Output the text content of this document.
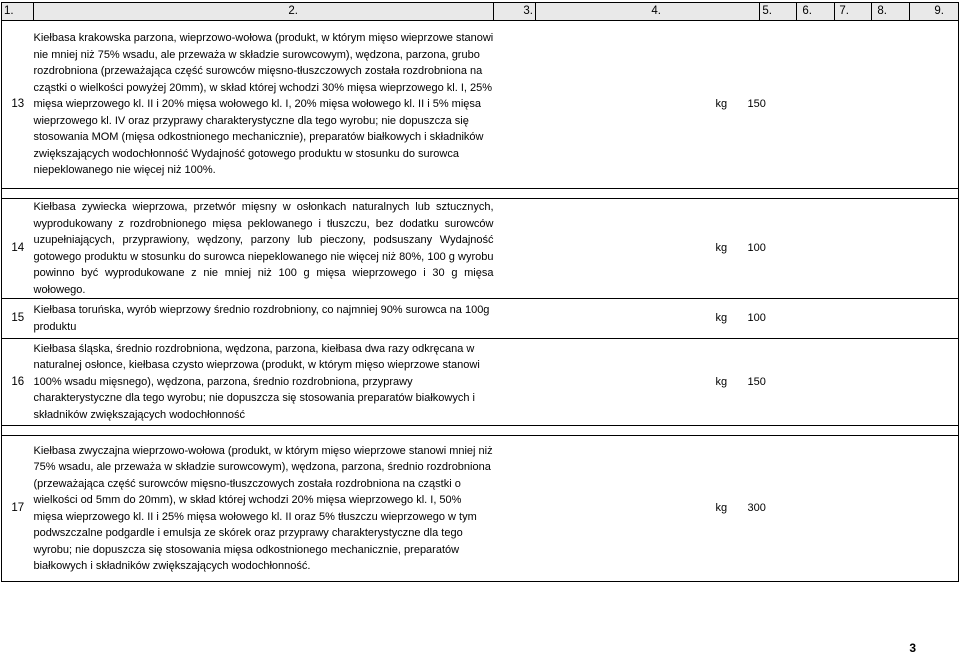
1.	2.	3.	4.	5.	6.	7.	8.	9.
13	Kiełbasa krakowska parzona, wieprzowo-wołowa (produkt, w którym mięso wieprzowe stanowi nie mniej niż 75% wsadu, ale przeważa w składzie surowcowym), wędzona, parzona, grubo rozdrobniona (przeważająca część surowców mięsno-tłuszczowych została rozdrobniona na cząstki o wielkości powyżej 20mm), w skład której wchodzi 30% mięsa wieprzowego kl. I, 25% mięsa wieprzowego kl. II i 20% mięsa wołowego kl. I, 20% mięsa wołowego kl. II i 5% mięsa wieprzowego kl. IV oraz przyprawy charakterystyczne dla tego wyrobu; nie dopuszcza się stosowania MOM (mięsa odkostnionego mechanicznie), preparatów białkowych i składników zwiększających wodochłonność Wydajność gotowego produktu w stosunku do surowca niepeklowanego nie więcej niż 100%.		kg	150				

14	Kiełbasa zywiecka wieprzowa, przetwór mięsny w osłonkach naturalnych lub sztucznych, wyprodukowany z rozdrobnionego mięsa peklowanego i tłuszczu, bez dodatku surowców uzupełniających, przyprawiony, wędzony, parzony lub pieczony, podsuszany Wydajność gotowego produktu w stosunku do surowca niepeklowanego nie więcej niż 80%, 100 g wyrobu powinno być wyprodukowane z nie mniej niż 100 g mięsa wieprzowego i 30 g mięsa wołowego.		kg	100				
15	Kiełbasa toruńska, wyrób wieprzowy średnio rozdrobniony, co najmniej 90% surowca na 100g produktu		kg	100				
16	Kiełbasa śląska, średnio rozdrobniona, wędzona, parzona, kiełbasa dwa razy odkręcana w naturalnej osłonce, kiełbasa czysto wieprzowa (produkt, w którym mięso wieprzowe stanowi 100% wsadu mięsnego), wędzona, parzona, średnio rozdrobniona, przyprawy charakterystyczne dla tego wyrobu; nie dopuszcza się stosowania preparatów białkowych i składników zwiększających wodochłonność		kg	150				

17	Kiełbasa zwyczajna wieprzowo-wołowa (produkt, w którym mięso wieprzowe stanowi mniej niż 75% wsadu, ale przeważa w składzie surowcowym), wędzona, parzona, średnio rozdrobniona (przeważająca część surowców mięsno-tłuszczowych została rozdrobniona na cząstki o wielkości od 5mm do 20mm), w skład której wchodzi 20% mięsa wieprzowego kl. I, 50% mięsa wieprzowego kl. II i 25% mięsa wołowego kl. II oraz 5% tłuszczu wieprzowego w tym podwszczalne podgardle i emulsja ze skórek oraz przyprawy charakterystyczne dla tego wyrobu; nie dopuszcza się stosowania mięsa odkostnionego mechanicznie, preparatów białkowych i składników zwiększających wodochłonność.		kg	300				
3
